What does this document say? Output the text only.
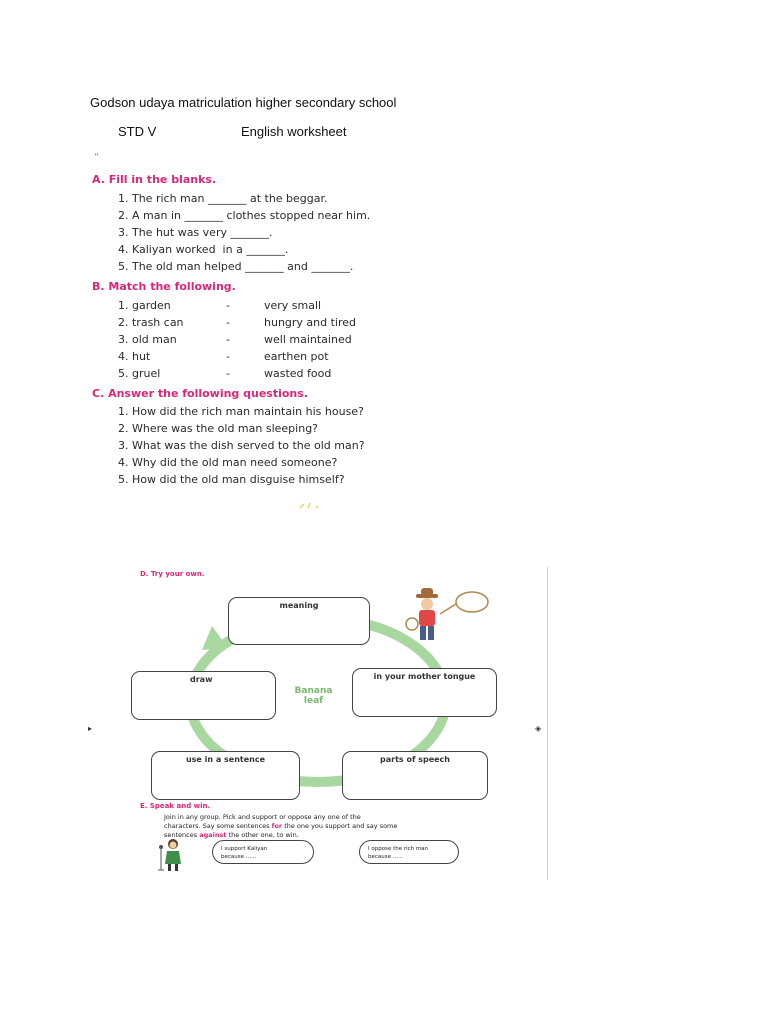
Godson udaya matriculation higher secondary school
STD V	English worksheet
“
A. Fill in the blanks.
1. The rich man _______ at the beggar.
2. A man in _______ clothes stopped near him.
3. The hut was very _______.
4. Kaliyan worked  in a _______.
5. The old man helped _______ and _______.
B. Match the following.
1. garden	-	very small
2. trash can	-	hungry and tired
3. old man	-	well maintained
4. hut	-	earthen pot
5. gruel	-	wasted food
C. Answer the following questions.
1. How did the rich man maintain his house?
2. Where was the old man sleeping?
3. What was the dish served to the old man?
4. Why did the old man need someone?
5. How did the old man disguise himself?
▸	◈
D. Try your own.
Banana
leaf
meaning
draw	in your mother tongue
use in a sentence	parts of speech
E. Speak and win.
Join in any group. Pick and support or oppose any one of the
characters. Say some sentences for the one you support and say some
sentences against the other one, to win.
I support Kaliyan
because ......
I oppose the rich man
because ......
